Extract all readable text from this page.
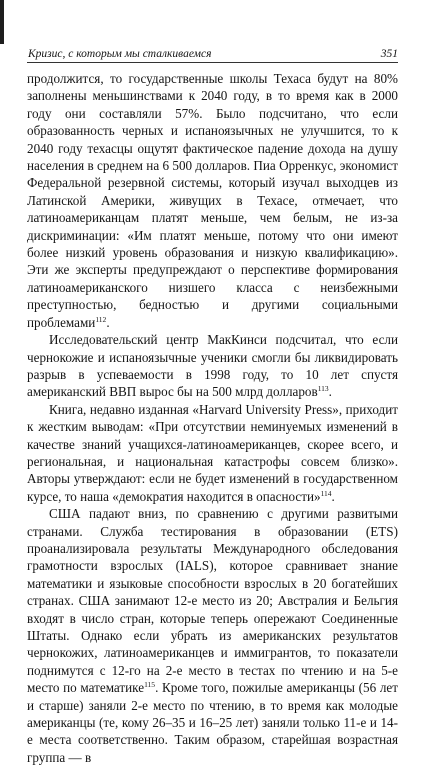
Кризис, с которым мы сталкиваемся	351

продолжится, то государственные школы Техаса будут на 80% заполнены меньшинствами к 2040 году, в то время как в 2000 году они составляли 57%. Было подсчитано, что если образованность черных и испаноязычных не улучшится, то к 2040 году техасцы ощутят фактическое падение дохода на душу населения в среднем на 6 500 долларов. Пиа Орренкус, экономист Федеральной резервной системы, который изучал выходцев из Латинской Америки, живущих в Техасе, отмечает, что латиноамериканцам платят меньше, чем белым, не из-за дискриминации: «Им платят меньше, потому что они имеют более низкий уровень образования и низкую квалификацию». Эти же эксперты предупреждают о перспективе формирования латиноамериканского низшего класса с неизбежными преступностью, бедностью и другими социальными проблемами$^{112}$.

Исследовательский центр МакКинси подсчитал, что если чернокожие и испаноязычные ученики смогли бы ликвидировать разрыв в успеваемости в 1998 году, то 10 лет спустя американский ВВП вырос бы на 500 млрд долларов$^{113}$.

Книга, недавно изданная «Harvard University Press», приходит к жестким выводам: «При отсутствии неминуемых изменений в качестве знаний учащихся-латиноамериканцев, скорее всего, и региональная, и национальная катастрофы совсем близко». Авторы утверждают: если не будет изменений в государственном курсе, то наша «демократия находится в опасности»$^{114}$.

США падают вниз, по сравнению с другими развитыми странами. Служба тестирования в образовании (ETS) проанализировала результаты Международного обследования грамотности взрослых (IALS), которое сравнивает знание математики и языковые способности взрослых в 20 богатейших странах. США занимают 12-е место из 20; Австралия и Бельгия входят в число стран, которые теперь опережают Соединенные Штаты. Однако если убрать из американских результатов чернокожих, латиноамериканцев и иммигрантов, то показатели поднимутся с 12-го на 2-е место в тестах по чтению и на 5-е место по математике$^{115}$. Кроме того, пожилые американцы (56 лет и старше) заняли 2-е место по чтению, в то время как молодые американцы (те, кому 26–35 и 16–25 лет) заняли только 11-е и 14-е места соответственно. Таким образом, старейшая возрастная группа — в
